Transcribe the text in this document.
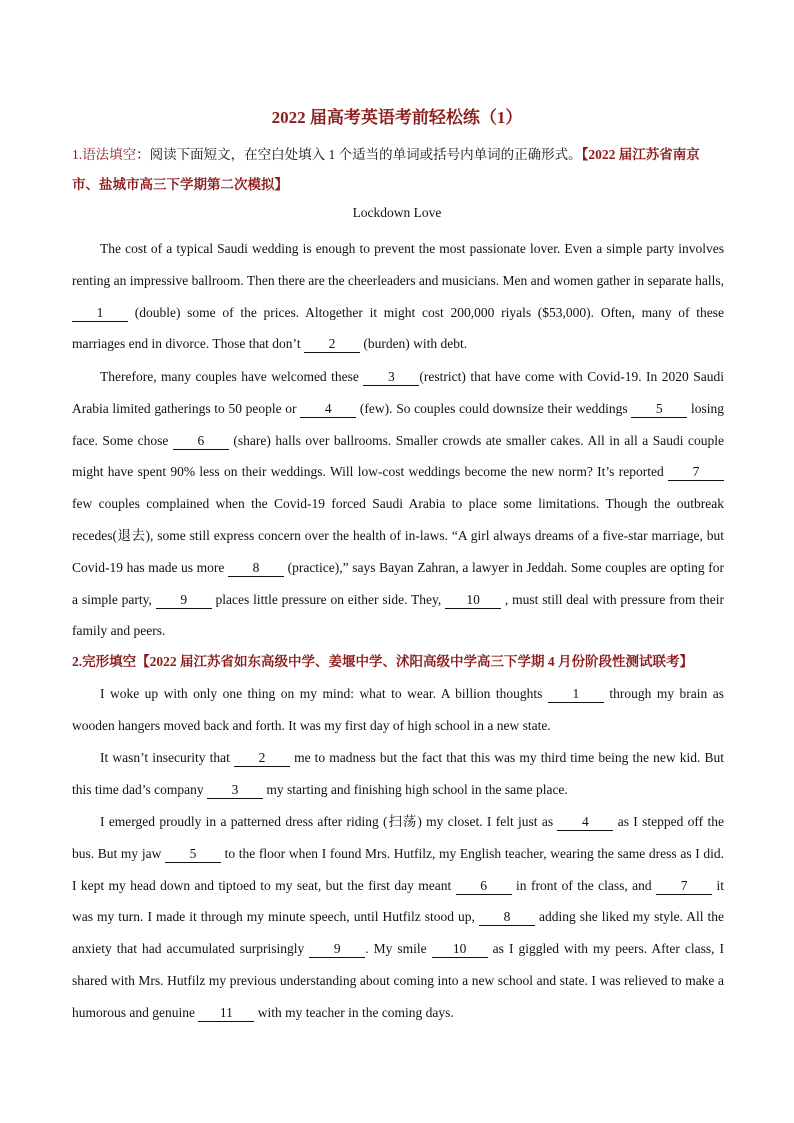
2022 届高考英语考前轻松练（1）
1.语法填空：阅读下面短文，在空白处填入 1 个适当的单词或括号内单词的正确形式。【2022 届江苏省南京市、盐城市高三下学期第二次模拟】
Lockdown Love
The cost of a typical Saudi wedding is enough to prevent the most passionate lover. Even a simple party involves renting an impressive ballroom. Then there are the cheerleaders and musicians. Men and women gather in separate halls, 1 (double) some of the prices. Altogether it might cost 200,000 riyals ($53,000). Often, many of these marriages end in divorce. Those that don’t 2 (burden) with debt.
Therefore, many couples have welcomed these 3 (restrict) that have come with Covid-19. In 2020 Saudi Arabia limited gatherings to 50 people or 4 (few). So couples could downsize their weddings 5 losing face. Some chose 6 (share) halls over ballrooms. Smaller crowds ate smaller cakes. All in all a Saudi couple might have spent 90% less on their weddings. Will low-cost weddings become the new norm? It’s reported 7 few couples complained when the Covid-19 forced Saudi Arabia to place some limitations. Though the outbreak recedes(退去), some still express concern over the health of in-laws. “A girl always dreams of a five-star marriage, but Covid-19 has made us more 8 (practice),” says Bayan Zahran, a lawyer in Jeddah. Some couples are opting for a simple party, 9 places little pressure on either side. They, 10 , must still deal with pressure from their family and peers.
2.完形填空【2022 届江苏省如东高级中学、姜堰中学、沭阳高级中学高三下学期 4 月份阶段性测试联考】
I woke up with only one thing on my mind: what to wear. A billion thoughts 1 through my brain as wooden hangers moved back and forth. It was my first day of high school in a new state.
It wasn’t insecurity that 2 me to madness but the fact that this was my third time being the new kid. But this time dad’s company 3 my starting and finishing high school in the same place.
I emerged proudly in a patterned dress after riding (扫荡) my closet. I felt just as 4 as I stepped off the bus. But my jaw 5 to the floor when I found Mrs. Hutfilz, my English teacher, wearing the same dress as I did. I kept my head down and tiptoed to my seat, but the first day meant 6 in front of the class, and 7 it was my turn. I made it through my minute speech, until Hutfilz stood up, 8 adding she liked my style. All the anxiety that had accumulated surprisingly 9 . My smile 10 as I giggled with my peers. After class, I shared with Mrs. Hutfilz my previous understanding about coming into a new school and state. I was relieved to make a humorous and genuine 11 with my teacher in the coming days.
